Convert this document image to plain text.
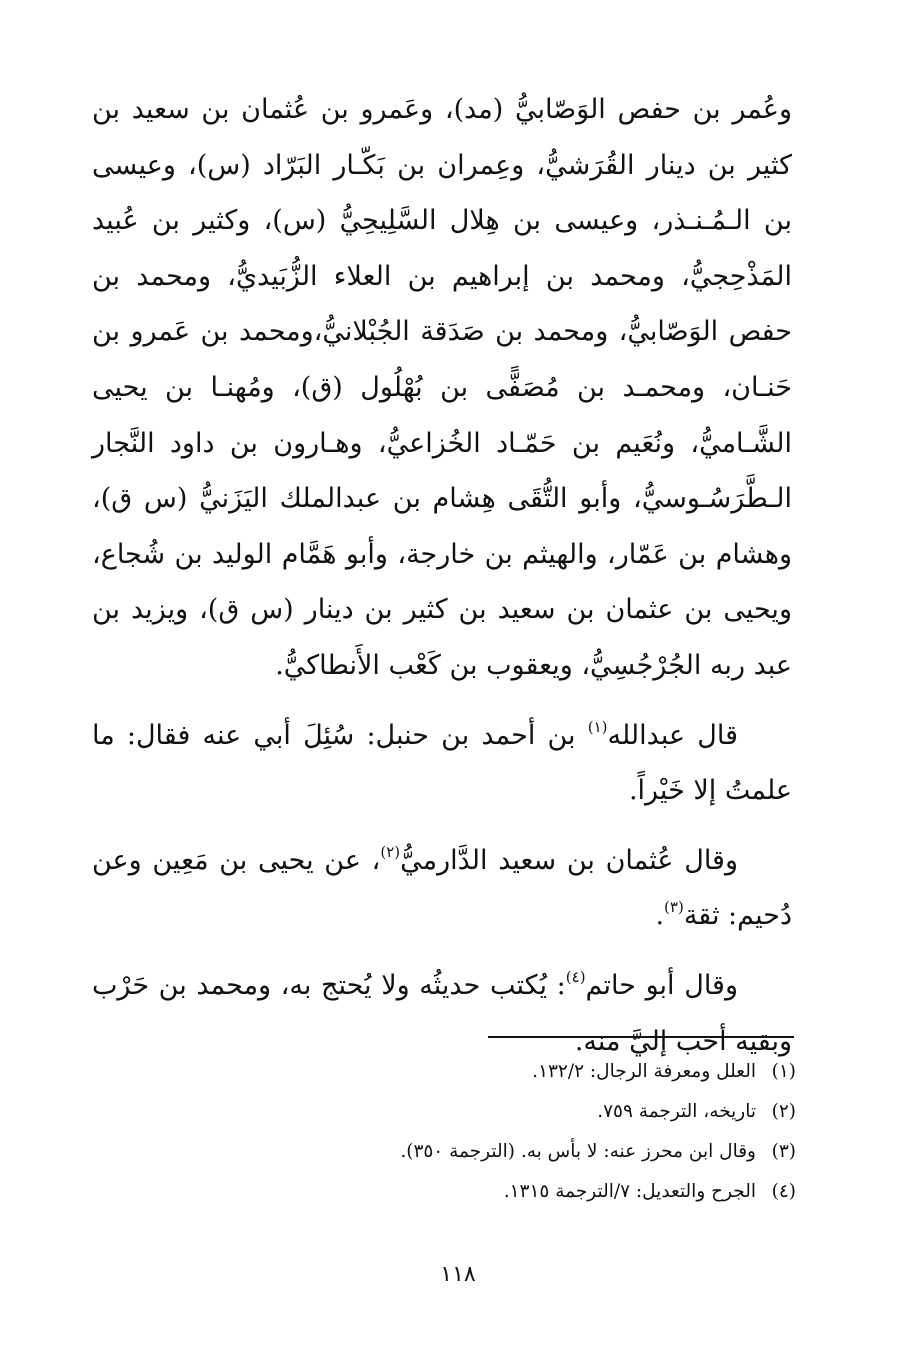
وعُمر بن حفص الوَصّابيُّ (مد)، وعَمرو بن عُثمان بن سعيد بن كثير بن دينار القُرَشيُّ، وعِمران بن بَكّـار البَرّاد (س)، وعيسى بن الـمُـنـذر، وعيسى بن هِلال السَّلِيحِيُّ (س)، وكثير بن عُبيد المَذْحِجيُّ، ومحمد بن إبراهيم بن العلاء الزُّبَيديُّ، ومحمد بن حفص الوَصّابيُّ، ومحمد بن صَدَقة الجُبْلانيُّ،ومحمد بن عَمرو بن حَنـان، ومحمـد بن مُصَفًّى بن بُهْلُول (ق)، ومُهنـا بن يحيى الشَّـاميُّ، ونُعَيم بن حَمّـاد الخُزاعيُّ، وهـارون بن داود النَّجار الـطَّرَسُـوسيُّ، وأبو التُّقَى هِشام بن عبدالملك اليَزَنيُّ (س ق)، وهشام بن عَمّار، والهيثم بن خارجة، وأبو هَمَّام الوليد بن شُجاع، ويحيى بن عثمان بن سعيد بن كثير بن دينار (س ق)، ويزيد بن عبد ربه الجُرْجُسِيُّ، ويعقوب بن كَعْب الأَنطاكيُّ.

قال عبدالله$^{(١)}$ بن أحمد بن حنبل: سُئِلَ أبي عنه فقال: ما علمتُ إلا خَيْراً.

وقال عُثمان بن سعيد الدَّارميُّ$^{(٢)}$، عن يحيى بن مَعِين وعن دُحيم: ثقة$^{(٣)}$.

وقال أبو حاتم$^{(٤)}$: يُكتب حديثُه ولا يُحتج به، ومحمد بن حَرْب وبقية أحب إليَّ منه.

(١)
العلل ومعرفة الرجال: ١٣٢/٢.
(٢)
تاريخه، الترجمة ٧٥٩.
(٣)
وقال ابن محرز عنه: لا بأس به. (الترجمة ٣٥٠).
(٤)
الجرح والتعديل: ٧/الترجمة ١٣١٥.
١١٨
